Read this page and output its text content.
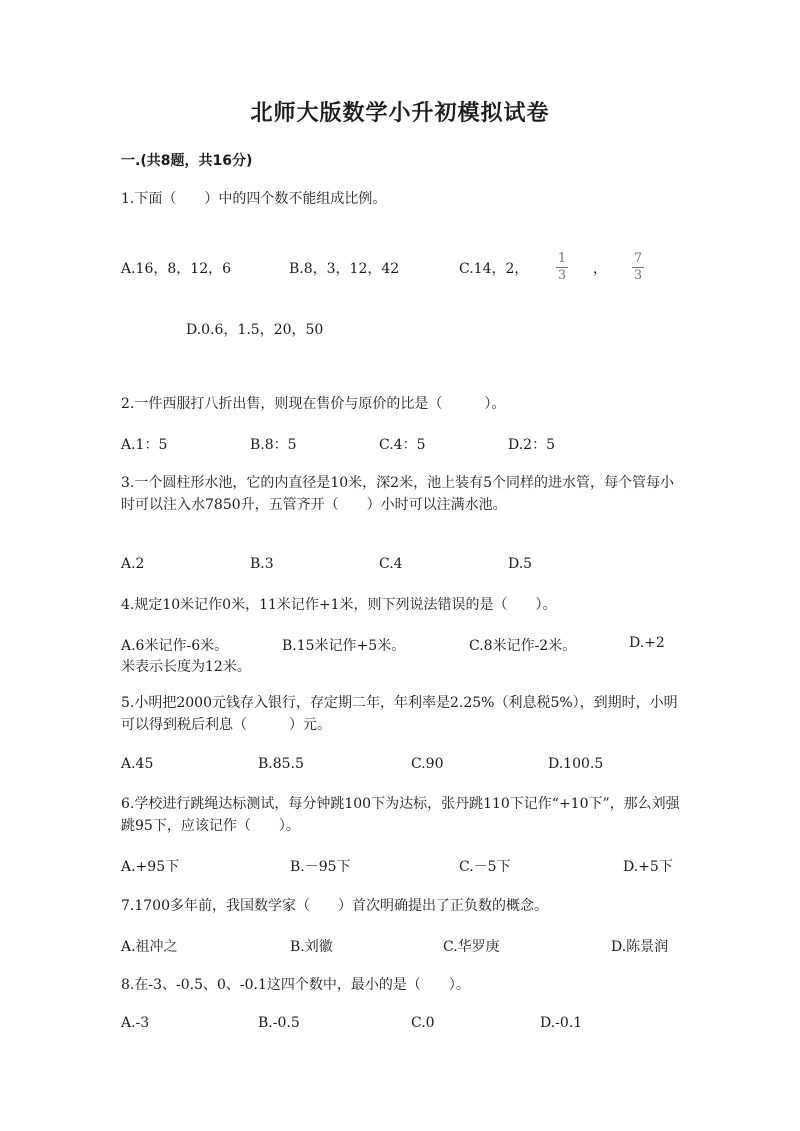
北师大版数学小升初模拟试卷
一.(共8题，共16分)
1.下面（　　）中的四个数不能组成比例。
A.16，8，12，6	B.8，3，12，42	C.14，2，
1
3 ，
7
3
D.0.6，1.5，20，50
2.一件西服打八折出售，则现在售价与原价的比是（　　　）。
A.1：5	B.8：5	C.4：5	D.2：5
3.一个圆柱形水池，它的内直径是10米，深2米，池上装有5个同样的进水管，每个管每小时可以注入水7850升，五管齐开（　　）小时可以注满水池。
A.2	B.3	C.4	D.5
4.规定10米记作0米，11米记作+1米，则下列说法错误的是（　　）。
A.6米记作-6米。	B.15米记作+5米。	C.8米记作-2米。	D.+2
米表示长度为12米。
5.小明把2000元钱存入银行，存定期二年，年利率是2.25%（利息税5%），到期时，小明可以得到税后利息（　　　）元。
A.45	B.85.5	C.90	D.100.5
6.学校进行跳绳达标测试，每分钟跳100下为达标，张丹跳110下记作“+10下”，那么刘强跳95下，应该记作（　　）。
A.+95下	B.－95下	C.－5下	D.+5下
7.1700多年前，我国数学家（　　）首次明确提出了正负数的概念。
A.祖冲之	B.刘徽	C.华罗庚	D.陈景润
8.在-3、-0.5、0、-0.1这四个数中，最小的是（　　）。
A.-3	B.-0.5	C.0	D.-0.1
